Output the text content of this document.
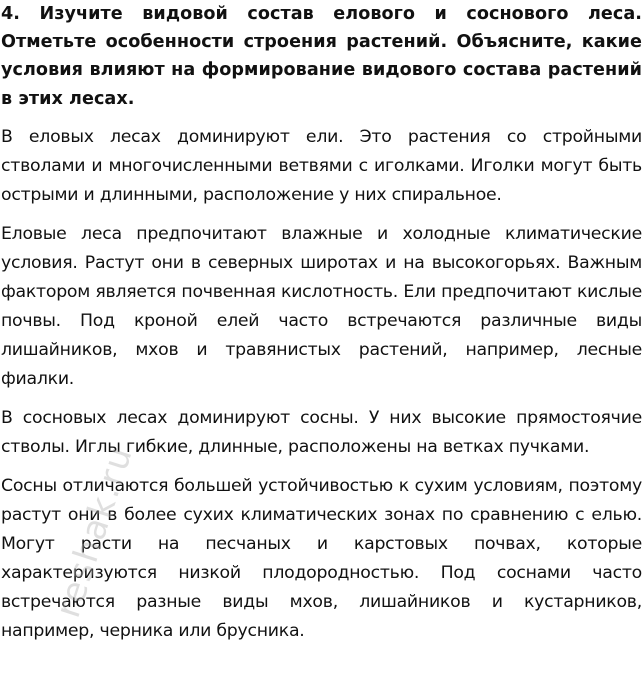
4. Изучите видовой состав елового и соснового леса. Отметьте особенности строения растений. Объясните, какие условия влияют на формирование видового состава растений в этих лесах.

В еловых лесах доминируют ели. Это растения со стройными стволами и многочисленными ветвями с иголками. Иголки могут быть острыми и длинными, расположение у них спиральное.

Еловые леса предпочитают влажные и холодные климатические условия. Растут они в северных широтах и на высокогорьях. Важным фактором является почвенная кислотность. Ели предпочитают кислые почвы. Под кроной елей часто встречаются различные виды лишайников, мхов и травянистых растений, например, лесные фиалки.

В сосновых лесах доминируют сосны. У них высокие прямостоячие стволы. Иглы гибкие, длинные, расположены на ветках пучками.

Сосны отличаются большей устойчивостью к сухим условиям, поэтому растут они в более сухих климатических зонах по сравнению с елью. Могут расти на песчаных и карстовых почвах, которые характеризуются низкой плодородностью. Под соснами часто встречаются разные виды мхов, лишайников и кустарников, например, черника или брусника.

reshak.ru
